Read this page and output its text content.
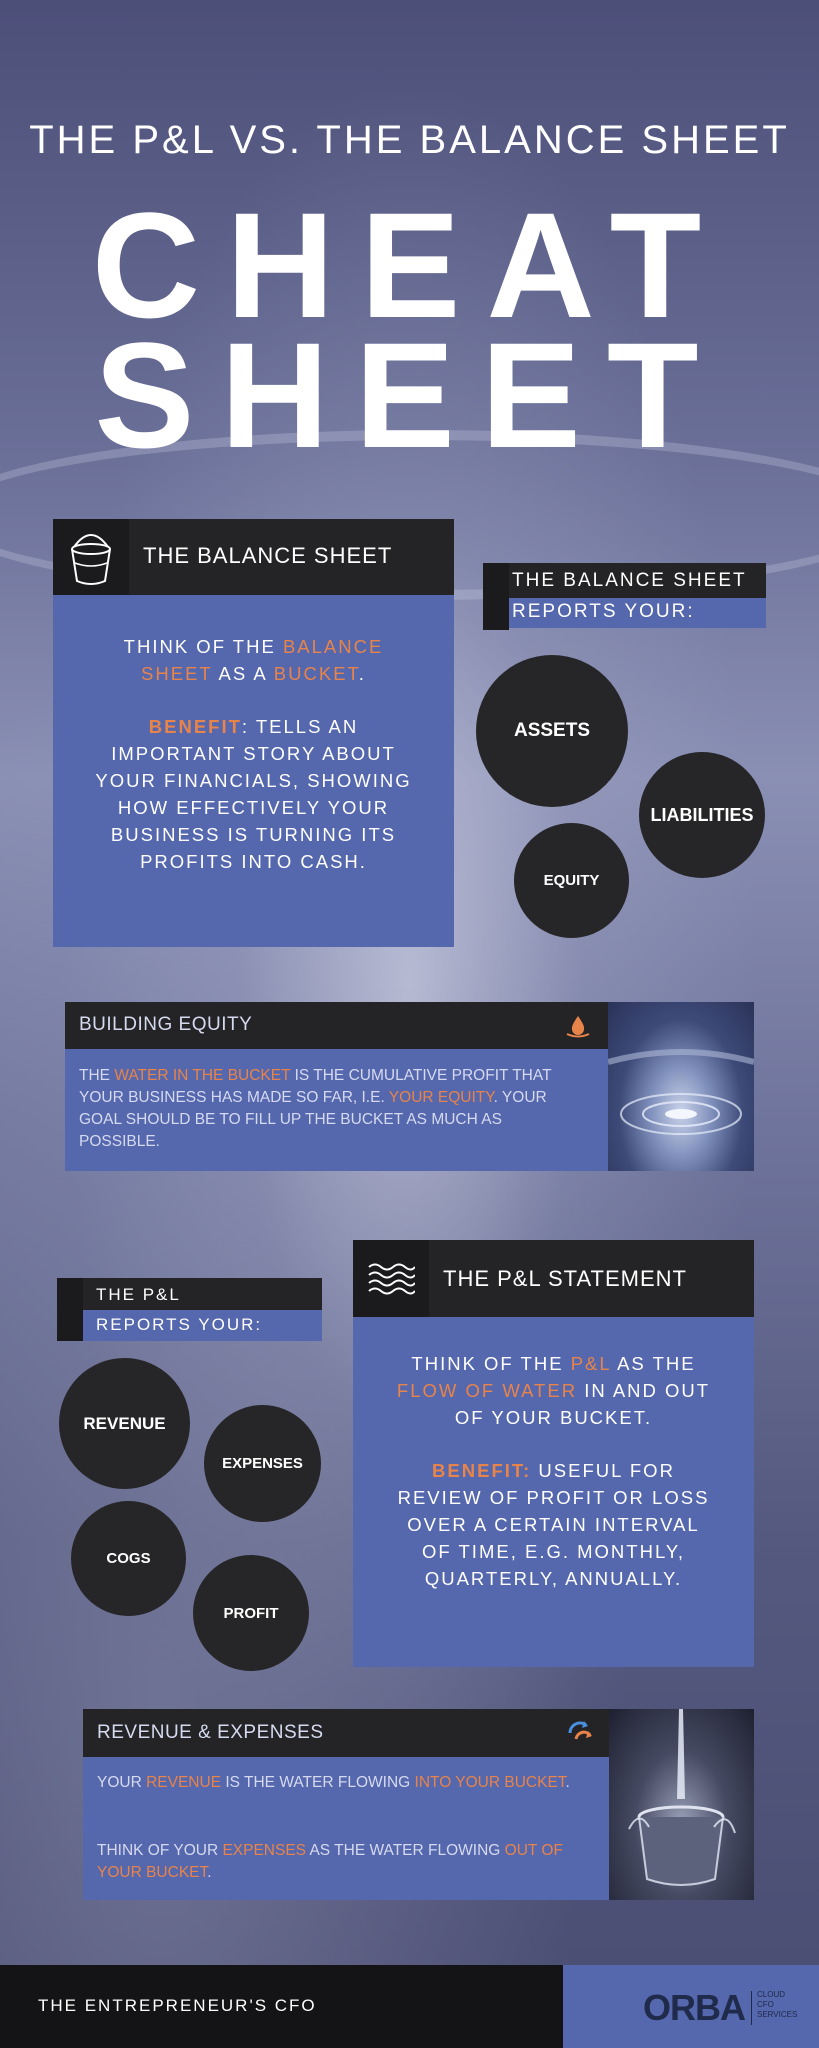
THE P&L VS. THE BALANCE SHEET
CHEAT
SHEET
THE BALANCE SHEET
THINK OF THE BALANCE
SHEET AS A BUCKET.
BENEFIT: TELLS AN
IMPORTANT STORY ABOUT
YOUR FINANCIALS, SHOWING
HOW EFFECTIVELY YOUR
BUSINESS IS TURNING ITS
PROFITS INTO CASH.
THE BALANCE SHEET
REPORTS YOUR:
ASSETS
LIABILITIES
EQUITY
BUILDING EQUITY
THE WATER IN THE BUCKET IS THE CUMULATIVE PROFIT THAT YOUR BUSINESS HAS MADE SO FAR, I.E. YOUR EQUITY. YOUR GOAL SHOULD BE TO FILL UP THE BUCKET AS MUCH AS POSSIBLE.
THE P&L
REPORTS YOUR:
REVENUE
EXPENSES
COGS
PROFIT
THE P&L STATEMENT
THINK OF THE P&L AS THE
FLOW OF WATER IN AND OUT
OF YOUR BUCKET.
BENEFIT: USEFUL FOR
REVIEW OF PROFIT OR LOSS
OVER A CERTAIN INTERVAL
OF TIME, E.G. MONTHLY,
QUARTERLY, ANNUALLY.
REVENUE & EXPENSES
YOUR REVENUE IS THE WATER FLOWING INTO YOUR BUCKET.
THINK OF YOUR EXPENSES AS THE WATER FLOWING OUT OF YOUR BUCKET.
THE ENTREPRENEUR'S CFO	ORBA CLOUD
CFO
SERVICES
